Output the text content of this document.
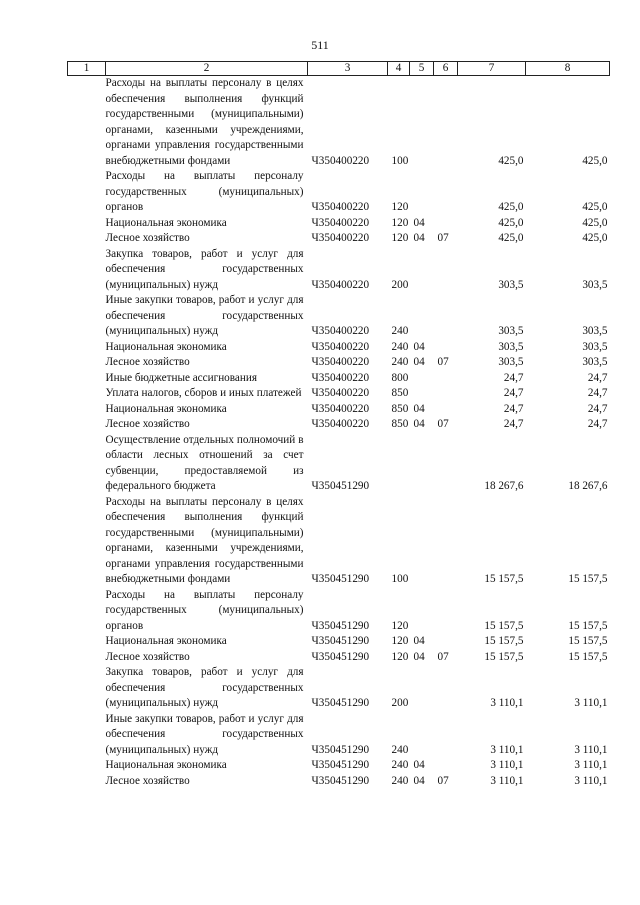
511
1	2	3	4	5	6	7	8
	Расходы на выплаты персоналу в целях обеспечения выполнения функций государственными (муниципальными) органами, казенными учреждениями, органами управления государственными внебюджетными фондами	Ч350400220	100			425,0	425,0
	Расходы на выплаты персоналу государственных (муниципальных) органов	Ч350400220	120			425,0	425,0
	Национальная экономика	Ч350400220	120	04		425,0	425,0
	Лесное хозяйство	Ч350400220	120	04	07	425,0	425,0
	Закупка товаров, работ и услуг для обеспечения государственных (муниципальных) нужд	Ч350400220	200			303,5	303,5
	Иные закупки товаров, работ и услуг для обеспечения государственных (муниципальных) нужд	Ч350400220	240			303,5	303,5
	Национальная экономика	Ч350400220	240	04		303,5	303,5
	Лесное хозяйство	Ч350400220	240	04	07	303,5	303,5
	Иные бюджетные ассигнования	Ч350400220	800			24,7	24,7
	Уплата налогов, сборов и иных платежей	Ч350400220	850			24,7	24,7
	Национальная экономика	Ч350400220	850	04		24,7	24,7
	Лесное хозяйство	Ч350400220	850	04	07	24,7	24,7
	Осуществление отдельных полномочий в области лесных отношений за счет субвенции, предоставляемой из федерального бюджета	Ч350451290				18 267,6	18 267,6
	Расходы на выплаты персоналу в целях обеспечения выполнения функций государственными (муниципальными) органами, казенными учреждениями, органами управления государственными внебюджетными фондами	Ч350451290	100			15 157,5	15 157,5
	Расходы на выплаты персоналу государственных (муниципальных) органов	Ч350451290	120			15 157,5	15 157,5
	Национальная экономика	Ч350451290	120	04		15 157,5	15 157,5
	Лесное хозяйство	Ч350451290	120	04	07	15 157,5	15 157,5
	Закупка товаров, работ и услуг для обеспечения государственных (муниципальных) нужд	Ч350451290	200			3 110,1	3 110,1
	Иные закупки товаров, работ и услуг для обеспечения государственных (муниципальных) нужд	Ч350451290	240			3 110,1	3 110,1
	Национальная экономика	Ч350451290	240	04		3 110,1	3 110,1
	Лесное хозяйство	Ч350451290	240	04	07	3 110,1	3 110,1
